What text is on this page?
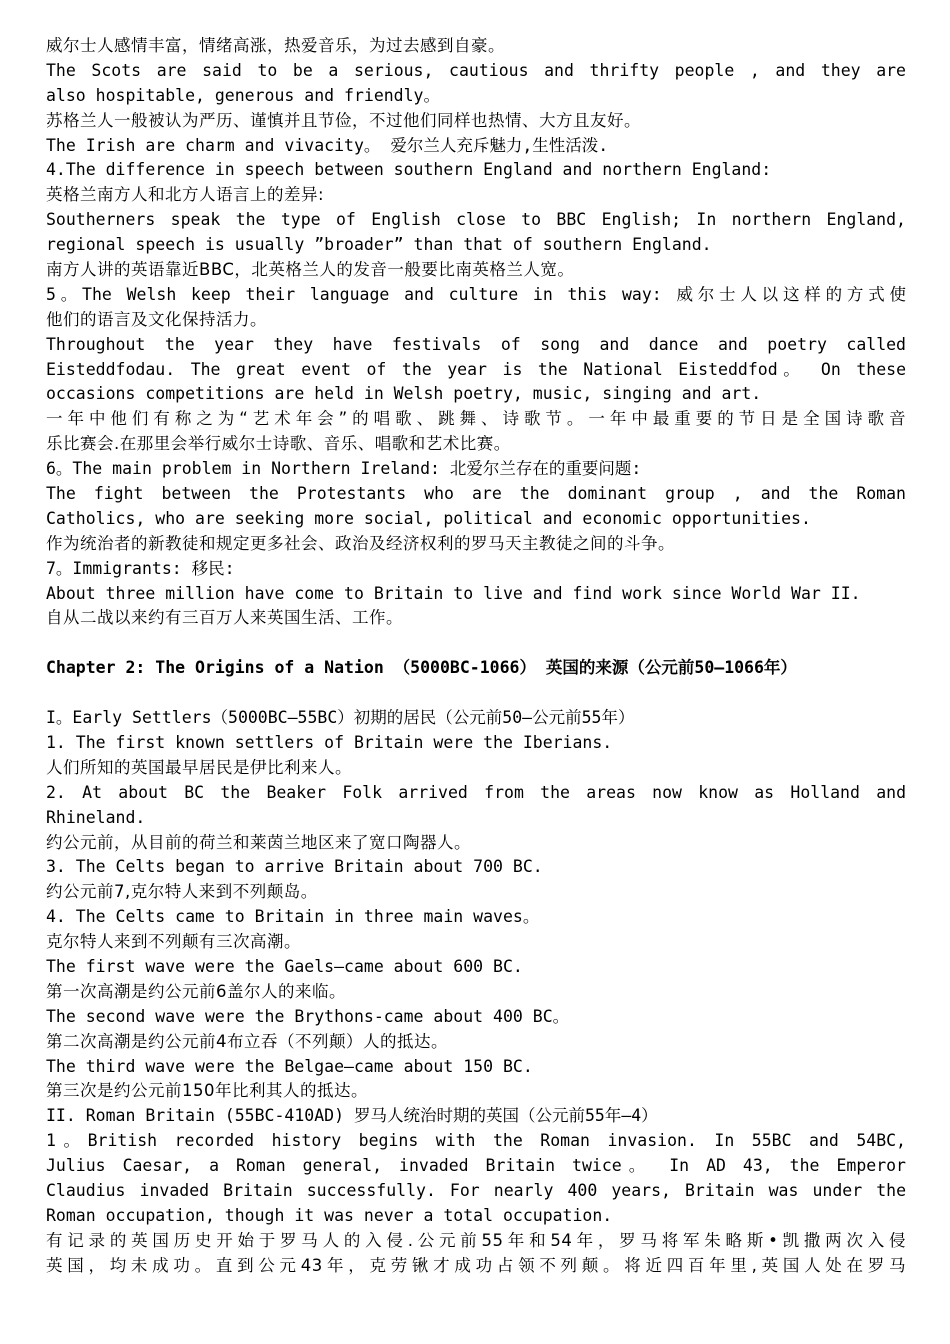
威尔士人感情丰富，情绪高涨，热爱音乐，为过去感到自豪。
The Scots are said to be a serious, cautious and thrifty people , and they are
also hospitable, generous and friendly。
苏格兰人一般被认为严历、谨慎并且节俭，不过他们同样也热情、大方且友好。
The Irish are charm and vivacity。 爱尔兰人充斥魅力,生性活泼.
4.The difference in speech between southern England and northern England:
英格兰南方人和北方人语言上的差异:
Southerners speak the type of English close to BBC English; In northern England,
regional speech is usually ”broader” than that of southern England.
南方人讲的英语靠近BBC，北英格兰人的发音一般要比南英格兰人宽。
5。The Welsh keep their language and culture in this way: 威尔士人以这样的方式使
他们的语言及文化保持活力。
Throughout the year they have festivals of song and dance and poetry called
Eisteddfodau. The great event of the year is the National Eisteddfod。 On these
occasions competitions are held in Welsh poetry, music, singing and art.
一年中他们有称之为“艺术年会”的唱歌、跳舞、诗歌节。一年中最重要的节日是全国诗歌音
乐比赛会.在那里会举行威尔士诗歌、音乐、唱歌和艺术比赛。
6。The main problem in Northern Ireland: 北爱尔兰存在的重要问题:
The fight between the Protestants who are the dominant group , and the Roman
Catholics, who are seeking more social, political and economic opportunities.
作为统治者的新教徒和规定更多社会、政治及经济权利的罗马天主教徒之间的斗争。
7。Immigrants: 移民:
About three million have come to Britain to live and find work since World War II.
自从二战以来约有三百万人来英国生活、工作。
Chapter 2: The Origins of a Nation （5000BC-1066） 英国的来源（公元前50—1066年）
I。Early Settlers（5000BC—55BC）初期的居民（公元前50—公元前55年）
1. The first known settlers of Britain were the Iberians.
人们所知的英国最早居民是伊比利来人。
2. At about BC the Beaker Folk arrived from the areas now know as Holland and
Rhineland.
约公元前，从目前的荷兰和莱茵兰地区来了宽口陶器人。
3. The Celts began to arrive Britain about 700 BC.
约公元前7,克尔特人来到不列颠岛。
4. The Celts came to Britain in three main waves。
克尔特人来到不列颠有三次高潮。
The first wave were the Gaels—came about 600 BC.
第一次高潮是约公元前6盖尔人的来临。
The second wave were the Brythons-came about 400 BC。
第二次高潮是约公元前4布立吞（不列颠）人的抵达。
The third wave were the Belgae—came about 150 BC.
第三次是约公元前150年比利其人的抵达。
II. Roman Britain (55BC-410AD) 罗马人统治时期的英国（公元前55年—4）
1。British recorded history begins with the Roman invasion. In 55BC and 54BC,
Julius Caesar, a Roman general, invaded Britain twice。 In AD 43, the Emperor
Claudius invaded Britain successfully. For nearly 400 years, Britain was under the
Roman occupation, though it was never a total occupation.
有记录的英国历史开始于罗马人的入侵.公元前55年和54年，罗马将军朱略斯•凯撒两次入侵
英国，均未成功。直到公元43年，克劳锹才成功占领不列颠。将近四百年里,英国人处在罗马
